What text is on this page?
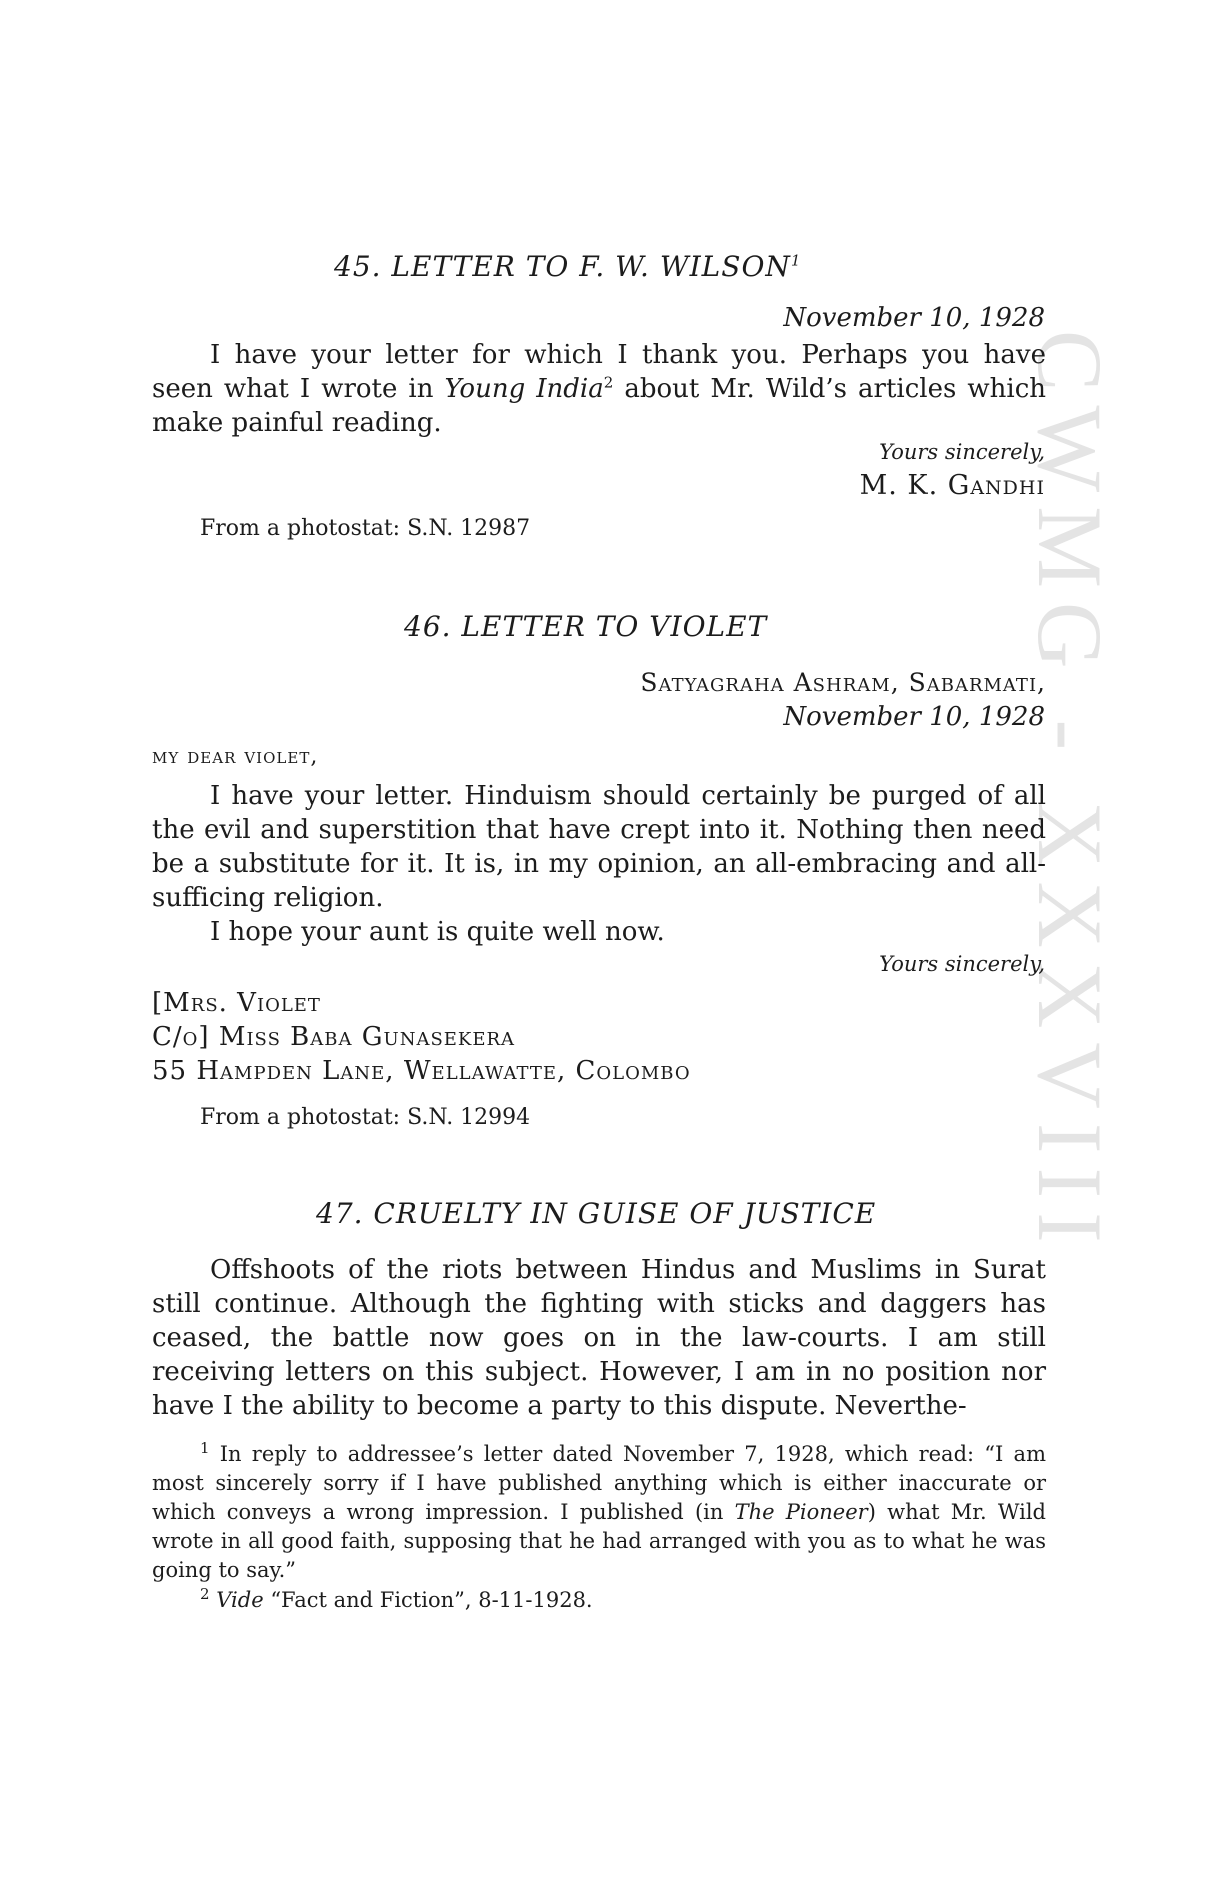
CWMG - XXXVIII
45. LETTER TO F. W. WILSON$^1$
November 10, 1928
I have your letter for which I thank you. Perhaps you have seen what I wrote in Young India$^2$ about Mr. Wild’s articles which make painful reading.
Yours sincerely,
M. K. Gandhi
From a photostat: S.N. 12987
46. LETTER TO VIOLET
Satyagraha Ashram, Sabarmati,
November 10, 1928
my dear violet,
I have your letter. Hinduism should certainly be purged of all the evil and superstition that have crept into it. Nothing then need be a substitute for it. It is, in my opinion, an all-embracing and all-sufficing religion.
I hope your aunt is quite well now.
Yours sincerely,
[Mrs. Violet
C/o] Miss Baba Gunasekera
55 Hampden Lane, Wellawatte, Colombo
From a photostat: S.N. 12994
47. CRUELTY IN GUISE OF JUSTICE
Offshoots of the riots between Hindus and Muslims in Surat still continue. Although the fighting with sticks and daggers has ceased, the battle now goes on in the law-courts. I am still receiving letters on this subject. However, I am in no position nor have I the ability to become a party to this dispute. Neverthe-
$^1$ In reply to addressee’s letter dated November 7, 1928, which read: “I am most sincerely sorry if I have published anything which is either inaccurate or which conveys a wrong impression. I published (in The Pioneer) what Mr. Wild wrote in all good faith, supposing that he had arranged with you as to what he was going to say.”
$^2$ Vide “Fact and Fiction”, 8-11-1928.
